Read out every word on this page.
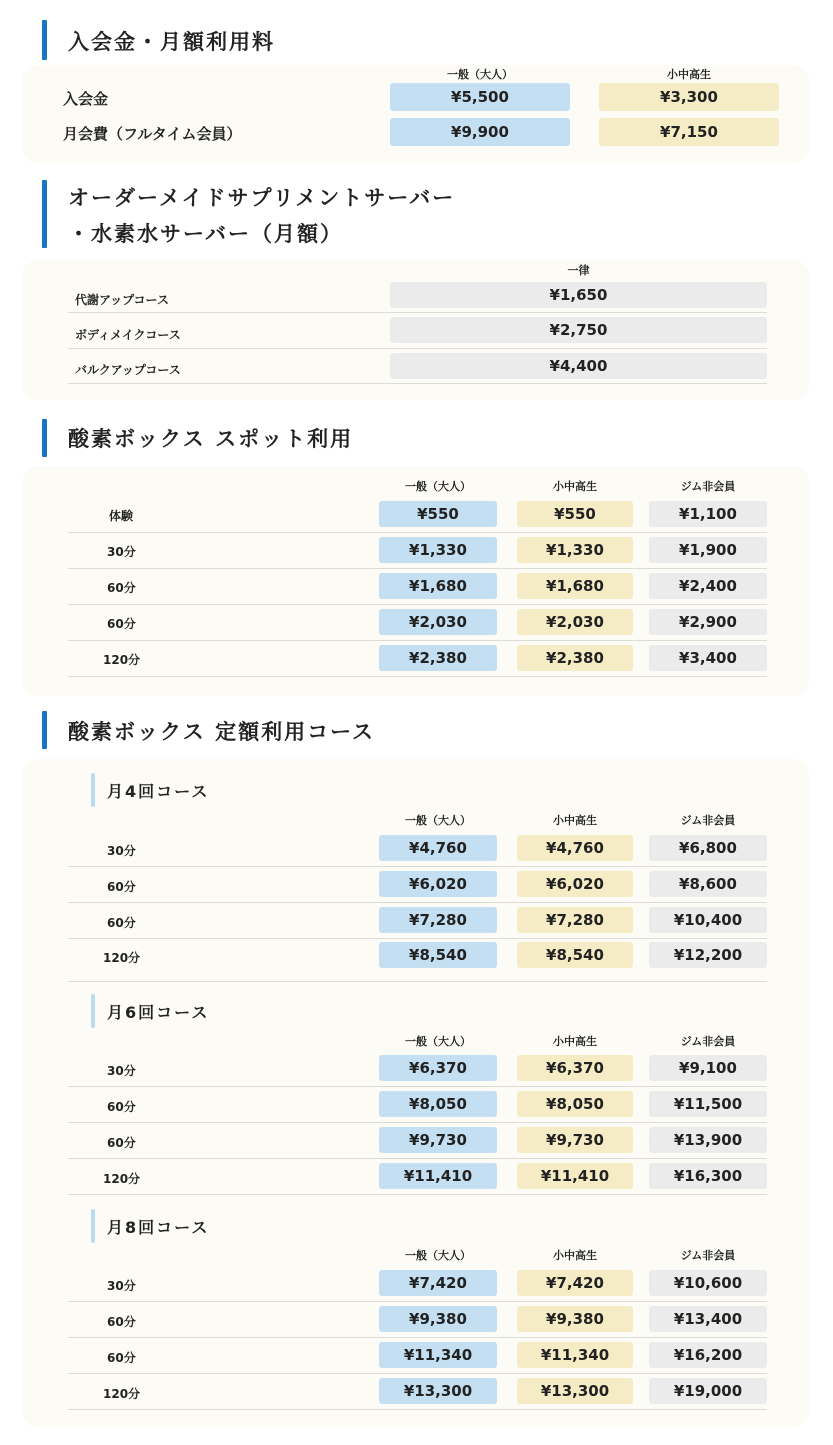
入会金・月額利用料
一般（大人）	小中高生
入会金	¥5,500	¥3,300
月会費（フルタイム会員）	¥9,900	¥7,150
オーダーメイドサプリメントサーバー
・水素水サーバー（月額）
一律
代謝アップコース	¥1,650
ボディメイクコース	¥2,750
バルクアップコース	¥4,400
酸素ボックス スポット利用
一般（大人）	小中高生	ジム非会員
体験	¥550	¥550	¥1,100
30分	¥1,330	¥1,330	¥1,900
60分	¥1,680	¥1,680	¥2,400
60分	¥2,030	¥2,030	¥2,900
120分	¥2,380	¥2,380	¥3,400
酸素ボックス 定額利用コース
月4回コース
一般（大人）	小中高生	ジム非会員
30分	¥4,760	¥4,760	¥6,800
60分	¥6,020	¥6,020	¥8,600
60分	¥7,280	¥7,280	¥10,400
120分	¥8,540	¥8,540	¥12,200
月6回コース
一般（大人）	小中高生	ジム非会員
30分	¥6,370	¥6,370	¥9,100
60分	¥8,050	¥8,050	¥11,500
60分	¥9,730	¥9,730	¥13,900
120分	¥11,410	¥11,410	¥16,300
月8回コース
一般（大人）	小中高生	ジム非会員
30分	¥7,420	¥7,420	¥10,600
60分	¥9,380	¥9,380	¥13,400
60分	¥11,340	¥11,340	¥16,200
120分	¥13,300	¥13,300	¥19,000
